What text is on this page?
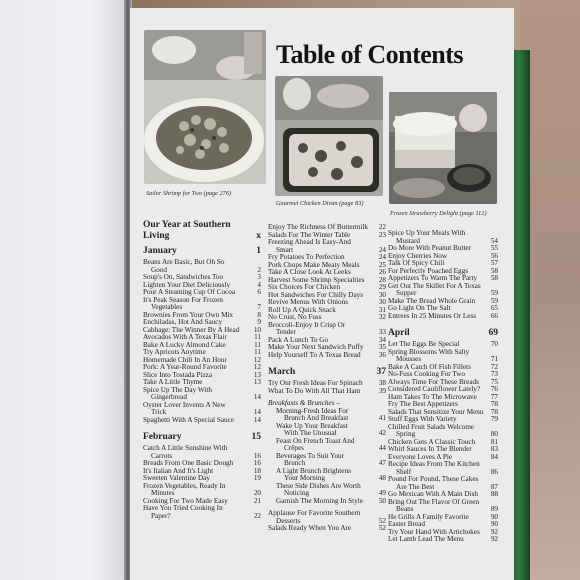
Sailor Shrimp for Two (page 276)
Table of Contents
Gourmet Chicken Divan (page 83)
Frozen Strawberry Delight (page 112)
Our Year at Southern Living	x
January	1
Beans Are Basic, But Oh So
Good	2
Soup's On, Sandwiches Too	3
Lighten Your Diet Deliciously	4
Pour A Steaming Cup Of Cocoa	6
It's Peak Season For Frozen
Vegetables	7
Brownies From Your Own Mix	8
Enchiladas, Hot And Saucy	9
Cabbage: The Winner By A Head	10
Avocados With A Texas Flair	11
Bake A Lucky Almond Cake	11
Try Apricots Anytime	11
Homemade Chili In An Hour	12
Pork: A Year-Round Favorite	12
Slice Into Tostada Pizza	13
Take A Little Thyme	13
Spice Up The Day With
Gingerbread	14
Oyster Lover Invents A New
Trick	14
Spaghetti With A Special Sauce	14
February	15
Catch A Little Sunshine With
Carrots	16
Breads From One Basic Dough	16
It's Italian And It's Light	18
Sweeten Valentine Day	19
Frozen Vegetables, Ready In
Minutes	20
Cooking For Two Made Easy	21
Have You Tried Cooking In
Paper?	22
Enjoy The Richness Of Buttermilk	22
Salads For The Winter Table	23
Freezing Ahead Is Easy-And
Smart	24
Fry Potatoes To Perfection	24
Pork Chops Make Meaty Meals	25
Take A Close Look At Leeks	26
Harvest Some Shrimp Specialties	28
Six Choices For Chicken	29
Hot Sandwiches For Chilly Days	30
Revive Menus With Onions	30
Roll Up A Quick Snack	31
No Crust, No Fuss	32
Broccoli-Enjoy It Crisp Or
Tender	33
Pack A Lunch To Go	34
Make Your Next Sandwich Puffy	35
Help Yourself To A Texas Bread	36
March	37
Try Our Fresh Ideas For Spinach	38
What To Do With All That Ham	39
Breakfasts & Brunches –
Morning-Fresh Ideas For
Brunch And Breakfast	41
Wake Up Your Breakfast
With The Unusual	42
Feast On French Toast And
Crêpes	44
Beverages To Suit Your
Brunch	47
A Light Brunch Brightens
Your Morning	48
These Side Dishes Are Worth
Noticing	49
Garnish The Morning In Style	50
Applause For Favorite Southern
Desserts	52
Salads Ready When You Are	52
Spice Up Your Meals With
Mustard	54
Do More With Peanut Butter	55
Enjoy Cherries Now	56
Talk Of Spicy Chili	57
For Perfectly Poached Eggs	58
Appetizers To Warm The Party	58
Get Out The Skillet For A Texas
Supper	59
Make The Bread Whole Grain	59
Go Light On The Salt	65
Entrees In 25 Minutes Or Less	66
April	69
Let The Eggs Be Special	70
Spring Blossoms With Salty
Mousses	71
Bake A Catch Of Fish Fillets	72
No-Fuss Cooking For Two	73
Always Time For These Breads	75
Considered Cauliflower Lately?	76
Ham Takes To The Microwave	77
Fry The Best Appetizers	78
Salads That Sensitize Your Menu	78
Stuff Eggs With Variety	79
Chilled Fruit Salads Welcome
Spring	80
Chicken Gets A Classic Touch	81
Whirl Sauces In The Blender	83
Everyone Loves A Pie	84
Recipe Ideas From The Kitchen
Shelf	86
Pound For Pound, These Cakes
Are The Best	87
Go Mexican With A Main Dish	88
Bring Out The Flavor Of Green
Beans	89
He Grills A Family Favorite	90
Easter Bread	90
Try Your Hand With Artichokes	92
Let Lamb Lead The Menu	92
